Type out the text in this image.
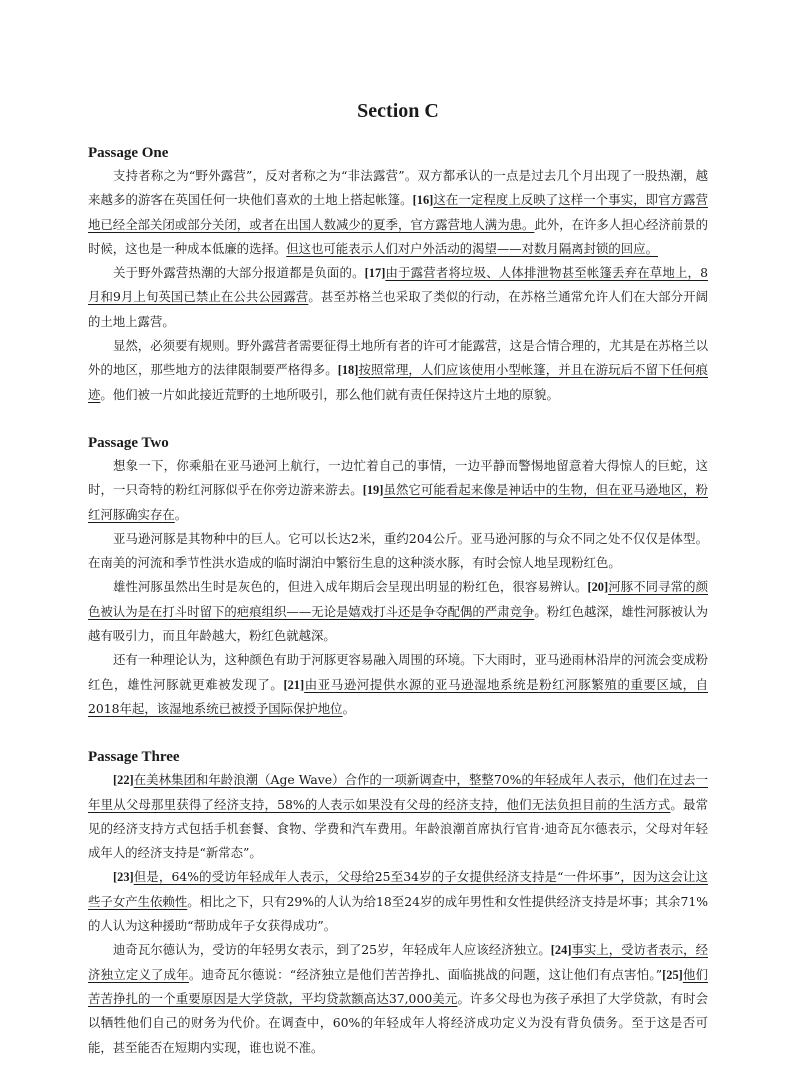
Section C
Passage One

支持者称之为“野外露营”，反对者称之为“非法露营”。双方都承认的一点是过去几个月出现了一股热潮，越来越多的游客在英国任何一块他们喜欢的土地上搭起帐篷。[16]这在一定程度上反映了这样一个事实，即官方露营地已经全部关闭或部分关闭，或者在出国人数减少的夏季，官方露营地人满为患。此外，在许多人担心经济前景的时候，这也是一种成本低廉的选择。但这也可能表示人们对户外活动的渴望——对数月隔离封锁的回应。

关于野外露营热潮的大部分报道都是负面的。[17]由于露营者将垃圾、人体排泄物甚至帐篷丢弃在草地上，8月和9月上旬英国已禁止在公共公园露营。甚至苏格兰也采取了类似的行动，在苏格兰通常允许人们在大部分开阔的土地上露营。

显然，必须要有规则。野外露营者需要征得土地所有者的许可才能露营，这是合情合理的，尤其是在苏格兰以外的地区，那些地方的法律限制要严格得多。[18]按照常理，人们应该使用小型帐篷，并且在游玩后不留下任何痕迹。他们被一片如此接近荒野的土地所吸引，那么他们就有责任保持这片土地的原貌。

Passage Two

想象一下，你乘船在亚马逊河上航行，一边忙着自己的事情，一边平静而警惕地留意着大得惊人的巨蛇，这时，一只奇特的粉红河豚似乎在你旁边游来游去。[19]虽然它可能看起来像是神话中的生物，但在亚马逊地区，粉红河豚确实存在。

亚马逊河豚是其物种中的巨人。它可以长达2米，重约204公斤。亚马逊河豚的与众不同之处不仅仅是体型。在南美的河流和季节性洪水造成的临时湖泊中繁衍生息的这种淡水豚，有时会惊人地呈现粉红色。

雄性河豚虽然出生时是灰色的，但进入成年期后会呈现出明显的粉红色，很容易辨认。[20]河豚不同寻常的颜色被认为是在打斗时留下的疤痕组织——无论是嬉戏打斗还是争夺配偶的严肃竞争。粉红色越深，雄性河豚被认为越有吸引力，而且年龄越大，粉红色就越深。

还有一种理论认为，这种颜色有助于河豚更容易融入周围的环境。下大雨时，亚马逊雨林沿岸的河流会变成粉红色，雄性河豚就更难被发现了。[21]由亚马逊河提供水源的亚马逊湿地系统是粉红河豚繁殖的重要区域，自2018年起，该湿地系统已被授予国际保护地位。

Passage Three

[22]在美林集团和年龄浪潮（Age Wave）合作的一项新调查中，整整70%的年轻成年人表示，他们在过去一年里从父母那里获得了经济支持，58%的人表示如果没有父母的经济支持，他们无法负担目前的生活方式。最常见的经济支持方式包括手机套餐、食物、学费和汽车费用。年龄浪潮首席执行官肯·迪奇瓦尔德表示，父母对年轻成年人的经济支持是“新常态”。

[23]但是，64%的受访年轻成年人表示，父母给25至34岁的子女提供经济支持是“一件坏事”，因为这会让这些子女产生依赖性。相比之下，只有29%的人认为给18至24岁的成年男性和女性提供经济支持是坏事；其余71%的人认为这种援助“帮助成年子女获得成功”。

迪奇瓦尔德认为，受访的年轻男女表示，到了25岁，年轻成年人应该经济独立。[24]事实上，受访者表示，经济独立定义了成年。迪奇瓦尔德说：“经济独立是他们苦苦挣扎、面临挑战的问题，这让他们有点害怕。”[25]他们苦苦挣扎的一个重要原因是大学贷款，平均贷款额高达37,000美元。许多父母也为孩子承担了大学贷款，有时会以牺牲他们自己的财务为代价。在调查中，60%的年轻成年人将经济成功定义为没有背负债务。至于这是否可能，甚至能否在短期内实现，谁也说不准。
